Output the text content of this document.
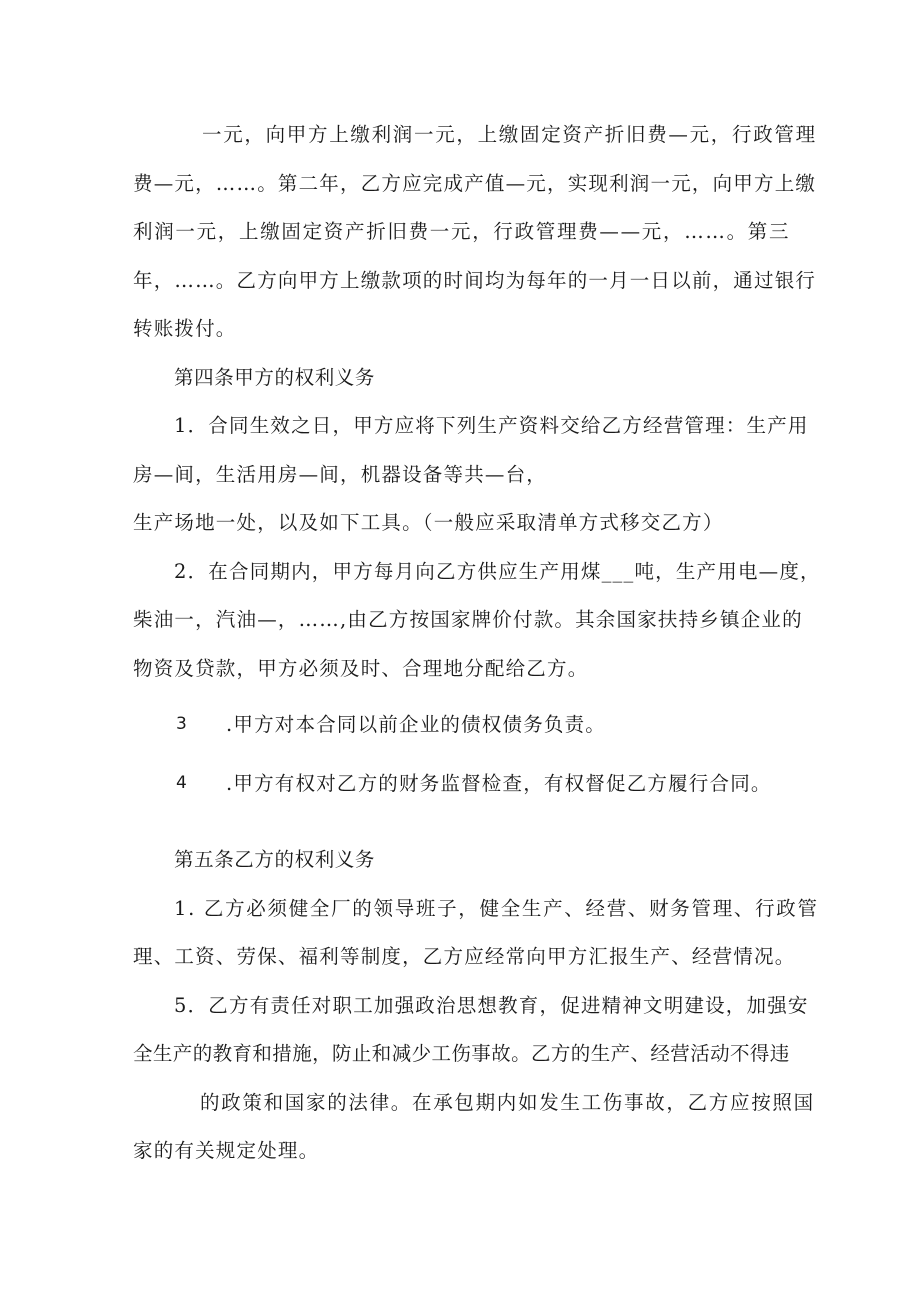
一元，向甲方上缴利润一元，上缴固定资产折旧费—元，行政管理

费—元，……。第二年，乙方应完成产值—元，实现利润一元，向甲方上缴

利润一元，上缴固定资产折旧费一元，行政管理费——元，……。第三

年，……。乙方向甲方上缴款项的时间均为每年的一月一日以前，通过银行

转账拨付。

第四条甲方的权利义务

1．合同生效之日，甲方应将下列生产资料交给乙方经营管理：生产用

房—间，生活用房—间，机器设备等共—台，

生产场地一处，以及如下工具。（一般应采取清单方式移交乙方）

2．在合同期内，甲方每月向乙方供应生产用煤___吨，生产用电—度，

柴油一，汽油—，……,由乙方按国家牌价付款。其余国家扶持乡镇企业的

物资及贷款，甲方必须及时、合理地分配给乙方。

3 .甲方对本合同以前企业的债权债务负责。

4 .甲方有权对乙方的财务监督检查，有权督促乙方履行合同。

第五条乙方的权利义务

1. 乙方必须健全厂的领导班子，健全生产、经营、财务管理、行政管

理、工资、劳保、福利等制度，乙方应经常向甲方汇报生产、经营情况。

5．乙方有责任对职工加强政治思想教育，促进精神文明建设，加强安

全生产的教育和措施，防止和减少工伤事故。乙方的生产、经营活动不得违

的政策和国家的法律。在承包期内如发生工伤事故，乙方应按照国

家的有关规定处理。
